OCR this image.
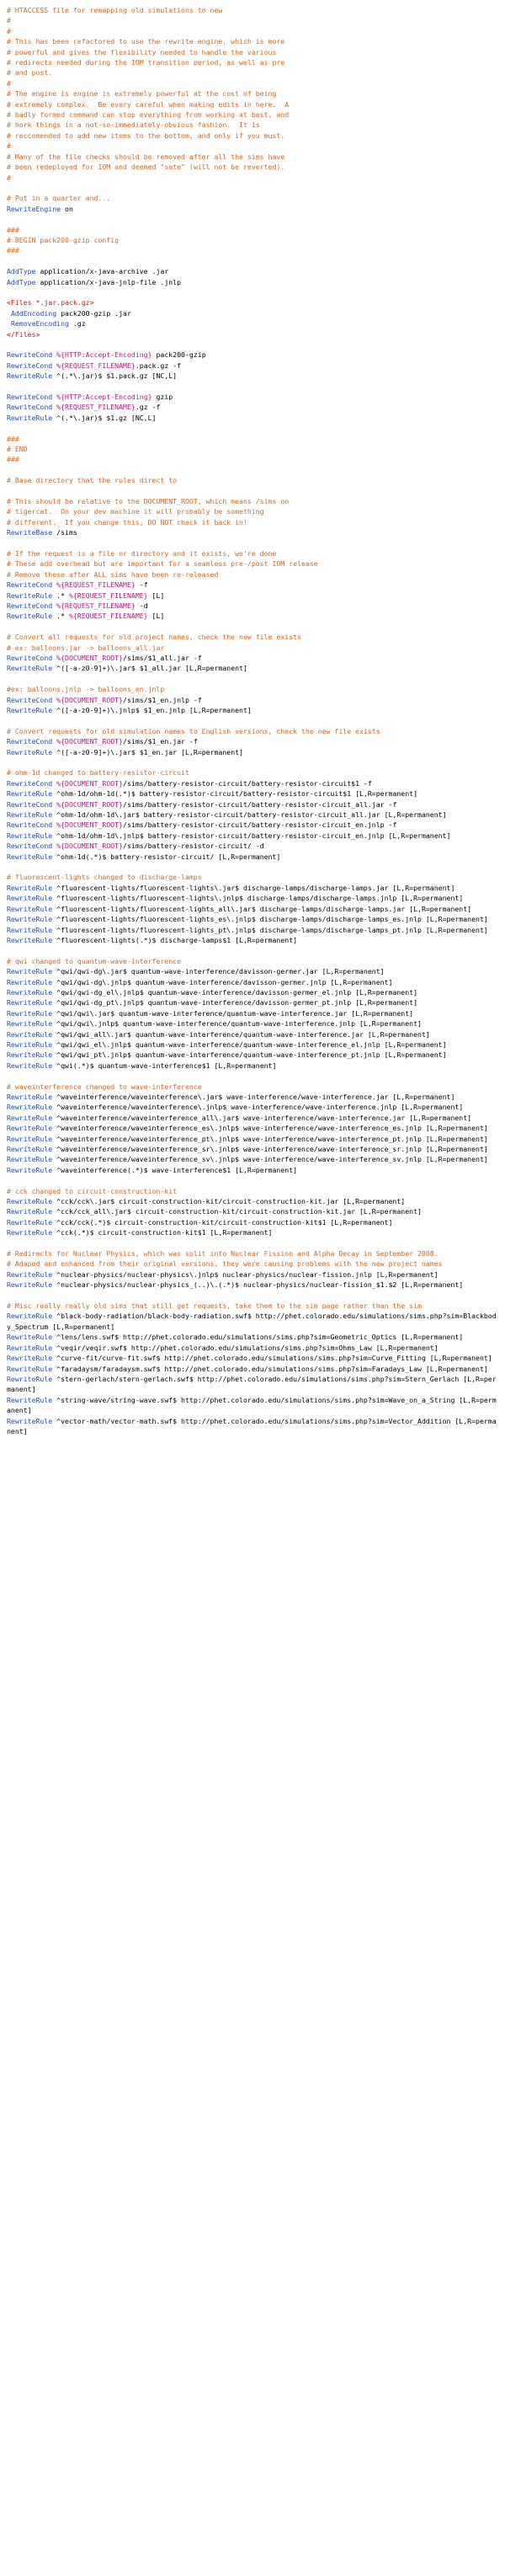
# HTACCESS file for remapping old simulations to new
#
#
# This has been refactored to use the rewrite engine, which is more
# powerful and gives the flexibility needed to handle the various
# redirects needed during the IOM transition period, as well as pre
# and post.
#
# The engine is engine is extremely powerful at the cost of being
# extremely complex.  Be every careful when making edits in here.  A
# badly formed command can stop everything from working at best, and
# hork things in a not-so-immediately-obvious fashion.  It is
# reccomended to add new items to the bottom, and only if you must.
#
# Many of the file checks should be removed after all the sims have
# been redeployed for IOM and deemed "sate" (will not be reverted).
#
# Put in a quarter and...
RewriteEngine on
###
# BEGIN pack200-gzip config
###
AddType application/x-java-archive .jar
AddType application/x-java-jnlp-file .jnlp
<Files *.jar.pack.gz>
AddEncoding pack200-gzip .jar
RemoveEncoding .gz
</Files>
RewriteCond %{HTTP:Accept-Encoding} pack200-gzip
RewriteCond %{REQUEST_FILENAME}.pack.gz -f
RewriteRule ^(.*\.jar)$ $1.pack.gz [NC,L]
RewriteCond %{HTTP:Accept-Encoding} gzip
RewriteCond %{REQUEST_FILENAME}.gz -f
RewriteRule ^(.*\.jar)$ $1.gz [NC,L]
###
# END
###
# Base directory that the rules direct to
# This should be relative to the DOCUMENT_ROOT, which means /sims on
# tigercat.  On your dev machine it will probably be something
# different.  If you change this, DO NOT check it back in!
RewriteBase /sims
# If the request is a file or directory and it exists, we're done
# These add overhead but are important for a seamless pre-/post IOM release
# Remove these after ALL sims have been re-released
RewriteCond %{REQUEST_FILENAME} -f
RewriteRule .* %{REQUEST_FILENAME} [L]
RewriteCond %{REQUEST_FILENAME} -d
RewriteRule .* %{REQUEST_FILENAME} [L]
# Convert all requests for old project names, check the new file exists
# ex: balloons.jar -> balloons_all.jar
RewriteCond %{DOCUMENT_ROOT}/sims/$1_all.jar -f
RewriteRule ^([-a-z0-9]+)\.jar$ $1_all.jar [L,R=permanent]
#ex: balloons.jnlp -> balloons_en.jnlp
RewriteCond %{DOCUMENT_ROOT}/sims/$1_en.jnlp -f
RewriteRule ^([-a-z0-9]+)\.jnlp$ $1_en.jnlp [L,R=permanent]
# Convert requests for old simulation names to English versions, check the new file exists
RewriteCond %{DOCUMENT_ROOT}/sims/$1_en.jar -f
RewriteRule ^([-a-z0-9]+)\.jar$ $1_en.jar [L,R=permanent]
# ohm-1d changed to battery-resistor-circuit
RewriteCond %{DOCUMENT_ROOT}/sims/battery-resistor-circuit/battery-resistor-circuit$1 -f
RewriteRule ^ohm-1d/ohm-1d(.*)$ battery-resistor-circuit/battery-resistor-circuit$1 [L,R=permanent]
RewriteCond %{DOCUMENT_ROOT}/sims/battery-resistor-circuit/battery-resistor-circuit_all.jar -f
RewriteRule ^ohm-1d/ohm-1d\.jar$ battery-resistor-circuit/battery-resistor-circuit_all.jar [L,R=permanent]
RewriteCond %{DOCUMENT_ROOT}/sims/battery-resistor-circuit/battery-resistor-circuit_en.jnlp -f
RewriteRule ^ohm-1d/ohm-1d\.jnlp$ battery-resistor-circuit/battery-resistor-circuit_en.jnlp [L,R=permanent]
RewriteCond %{DOCUMENT_ROOT}/sims/battery-resistor-circuit/ -d
RewriteRule ^ohm-1d(.*)$ battery-resistor-circuit/ [L,R=permanent]
# fluorescent-lights changed to discharge-lamps
RewriteRule ^fluorescent-lights/fluorescent-lights\.jar$ discharge-lamps/discharge-lamps.jar [L,R=permanent]
RewriteRule ^fluorescent-lights/fluorescent-lights\.jnlp$ discharge-lamps/discharge-lamps.jnlp [L,R=permanent]
RewriteRule ^fluorescent-lights/fluorescent-lights_all\.jar$ discharge-lamps/discharge-lamps.jar [L,R=permanent]
RewriteRule ^fluorescent-lights/fluorescent-lights_es\.jnlp$ discharge-lamps/discharge-lamps_es.jnlp [L,R=permanent]
RewriteRule ^fluorescent-lights/fluorescent-lights_pt\.jnlp$ discharge-lamps/discharge-lamps_pt.jnlp [L,R=permanent]
RewriteRule ^fluorescent-lights(.*)$ discharge-lamps$1 [L,R=permanent]
# qwi changed to quantum-wave-interference
RewriteRule ^qwi/qwi-dg\.jar$ quantum-wave-interference/davisson-germer.jar [L,R=permanent]
RewriteRule ^qwi/qwi-dg\.jnlp$ quantum-wave-interference/davisson-germer.jnlp [L,R=permanent]
RewriteRule ^qwi/qwi-dg_el\.jnlp$ quantum-wave-interference/davisson-germer_el.jnlp [L,R=permanent]
RewriteRule ^qwi/qwi-dg_pt\.jnlp$ quantum-wave-interference/davisson-germer_pt.jnlp [L,R=permanent]
RewriteRule ^qwi/qwi\.jar$ quantum-wave-interference/quantum-wave-interference.jar [L,R=permanent]
RewriteRule ^qwi/qwi\.jnlp$ quantum-wave-interference/quantum-wave-interference.jnlp [L,R=permanent]
RewriteRule ^qwi/qwi_all\.jar$ quantum-wave-interference/quantum-wave-interference.jar [L,R=permanent]
RewriteRule ^qwi/qwi_el\.jnlp$ quantum-wave-interference/quantum-wave-interference_el.jnlp [L,R=permanent]
RewriteRule ^qwi/qwi_pt\.jnlp$ quantum-wave-interference/quantum-wave-interference_pt.jnlp [L,R=permanent]
RewriteRule ^qwi(.*)$ quantum-wave-interference$1 [L,R=permanent]
# waveinterference changed to wave-interference
RewriteRule ^waveinterference/waveinterference\.jar$ wave-interference/wave-interference.jar [L,R=permanent]
RewriteRule ^waveinterference/waveinterference\.jnlp$ wave-interference/wave-interference.jnlp [L,R=permanent]
RewriteRule ^waveinterference/waveinterference_all\.jar$ wave-interference/wave-interference.jar [L,R=permanent]
RewriteRule ^waveinterference/waveinterference_es\.jnlp$ wave-interference/wave-interference_es.jnlp [L,R=permanent]
RewriteRule ^waveinterference/waveinterference_pt\.jnlp$ wave-interference/wave-interference_pt.jnlp [L,R=permanent]
RewriteRule ^waveinterference/waveinterference_sr\.jnlp$ wave-interference/wave-interference_sr.jnlp [L,R=permanent]
RewriteRule ^waveinterference/waveinterference_sv\.jnlp$ wave-interference/wave-interference_sv.jnlp [L,R=permanent]
RewriteRule ^waveinterference(.*)$ wave-interference$1 [L,R=permanent]
# cck changed to circuit-construction-kit
RewriteRule ^cck/cck\.jar$ circuit-construction-kit/circuit-construction-kit.jar [L,R=permanent]
RewriteRule ^cck/cck_all\.jar$ circuit-construction-kit/circuit-construction-kit.jar [L,R=permanent]
RewriteRule ^cck/cck(.*)$ circuit-construction-kit/circuit-construction-kit$1 [L,R=permanent]
RewriteRule ^cck(.*)$ circuit-construction-kit$1 [L,R=permanent]
# Redirects for Nuclear Physics, which was split into Nuclear Fission and Alpha Decay in September 2008.
# Adaped and enhanced from their original versions, they were causing problems with the new project names
RewriteRule ^nuclear-physics/nuclear-physics\.jnlp$ nuclear-physics/nuclear-fission.jnlp [L,R=permanent]
RewriteRule ^nuclear-physics/nuclear-physics_(..)\.(.*)$ nuclear-physics/nuclear-fission_$1.$2 [L,R=permanent]
# Misc really really old sims that still get requests, take them to the sim page rather than the sim
RewriteRule ^black-body-radiation/black-body-radiation.swf$ http://phet.colorado.edu/simulations/sims.php?sim=Blackbody_Spectrum [L,R=permanent]
RewriteRule ^lens/lens.swf$ http://phet.colorado.edu/simulations/sims.php?sim=Geometric_Optics [L,R=permanent]
RewriteRule ^veqir/veqir.swf$ http://phet.colorado.edu/simulations/sims.php?sim=Ohms_Law [L,R=permanent]
RewriteRule ^curve-fit/curve-fit.swf$ http://phet.colorado.edu/simulations/sims.php?sim=Curve_Fitting [L,R=permanent]
RewriteRule ^faradaysm/faradaysm.swf$ http://phet.colorado.edu/simulations/sims.php?sim=Faradays_Law [L,R=permanent]
RewriteRule ^stern-gerlach/stern-gerlach.swf$ http://phet.colorado.edu/simulations/sims.php?sim=Stern_Gerlach [L,R=permanent]
RewriteRule ^string-wave/string-wave.swf$ http://phet.colorado.edu/simulations/sims.php?sim=Wave_on_a_String [L,R=permanent]
RewriteRule ^vector-math/vector-math.swf$ http://phet.colorado.edu/simulations/sims.php?sim=Vector_Addition [L,R=permanent]
